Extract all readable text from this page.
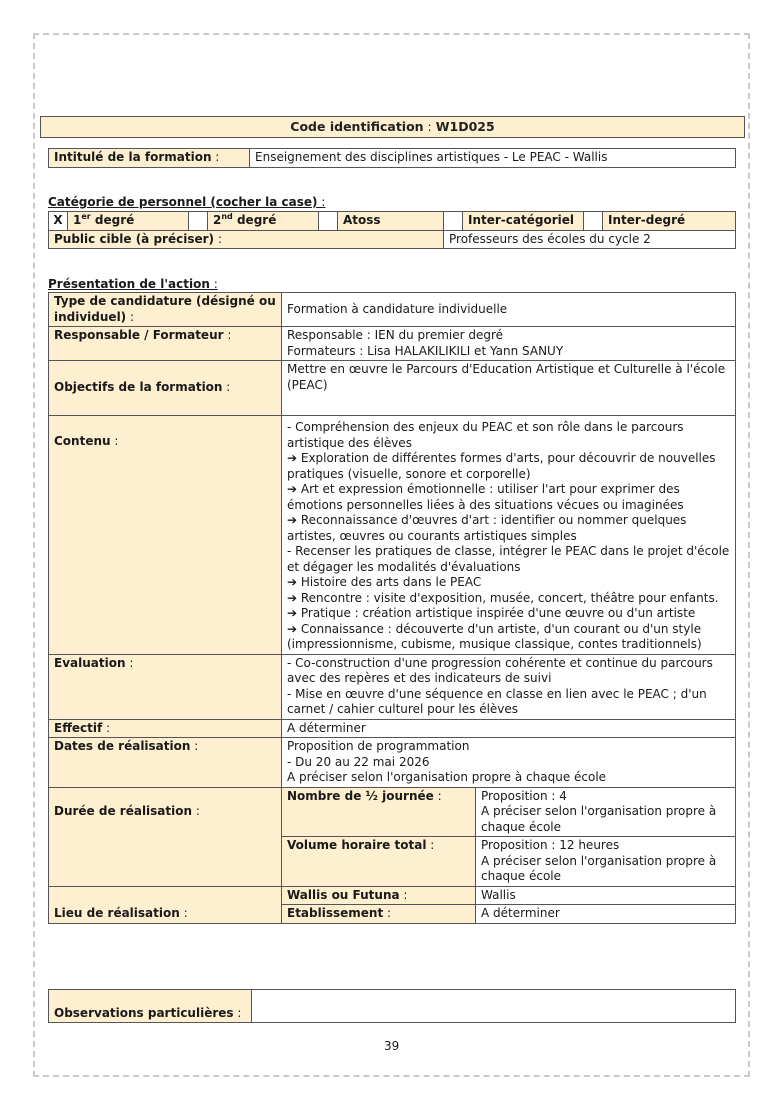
Code identification : W1D025
Intitulé de la formation :	Enseignement des disciplines artistiques - Le PEAC - Wallis
Catégorie de personnel (cocher la case) :
X	1er degré		2nd degré		Atoss		Inter-catégoriel		Inter-degré
Public cible (à préciser) :						Professeurs des écoles du cycle 2			
Présentation de l'action :
Type de candidature (désigné ou individuel) :	Formation à candidature individuelle	
Responsable / Formateur :	Responsable : IEN du premier degré
Formateurs : Lisa HALAKILIKILI et Yann SANUY	

Objectifs de la formation :	Mettre en œuvre le Parcours d'Education Artistique et Culturelle à l'école (PEAC)	
Contenu :	
- Compréhension des enjeux du PEAC et son rôle dans le parcours artistique des élèves
➔ Exploration de différentes formes d'arts, pour découvrir de nouvelles pratiques (visuelle, sonore et corporelle)
➔ Art et expression émotionnelle : utiliser l'art pour exprimer des émotions personnelles liées à des situations vécues ou imaginées
➔ Reconnaissance d'œuvres d'art : identifier ou nommer quelques artistes, œuvres ou courants artistiques simples
- Recenser les pratiques de classe, intégrer le PEAC dans le projet d'école et dégager les modalités d'évaluations
➔ Histoire des arts dans le PEAC
➔ Rencontre : visite d'exposition, musée, concert, théâtre pour enfants.
➔ Pratique : création artistique inspirée d'une œuvre ou d'un artiste
➔ Connaissance : découverte d'un artiste, d'un courant ou d'un style (impressionnisme, cubisme, musique classique, contes traditionnels)

Evaluation :	- Co-construction d'une progression cohérente et continue du parcours avec des repères et des indicateurs de suivi
- Mise en œuvre d'une séquence en classe en lien avec le PEAC ; d'un carnet / cahier culturel pour les élèves	

Effectif :	A déterminer	
Dates de réalisation :	Proposition de programmation
- Du 20 au 22 mai 2026
A préciser selon l'organisation propre à chaque école	

Durée de réalisation :	Nombre de ½ journée :	Proposition : 4
A préciser selon l'organisation propre à chaque école

	Volume horaire total :	Proposition : 12 heures
A préciser selon l'organisation propre à chaque école

Lieu de réalisation :	Wallis ou Futuna :	Wallis
	Etablissement :	A déterminer
Observations particulières :	
39
